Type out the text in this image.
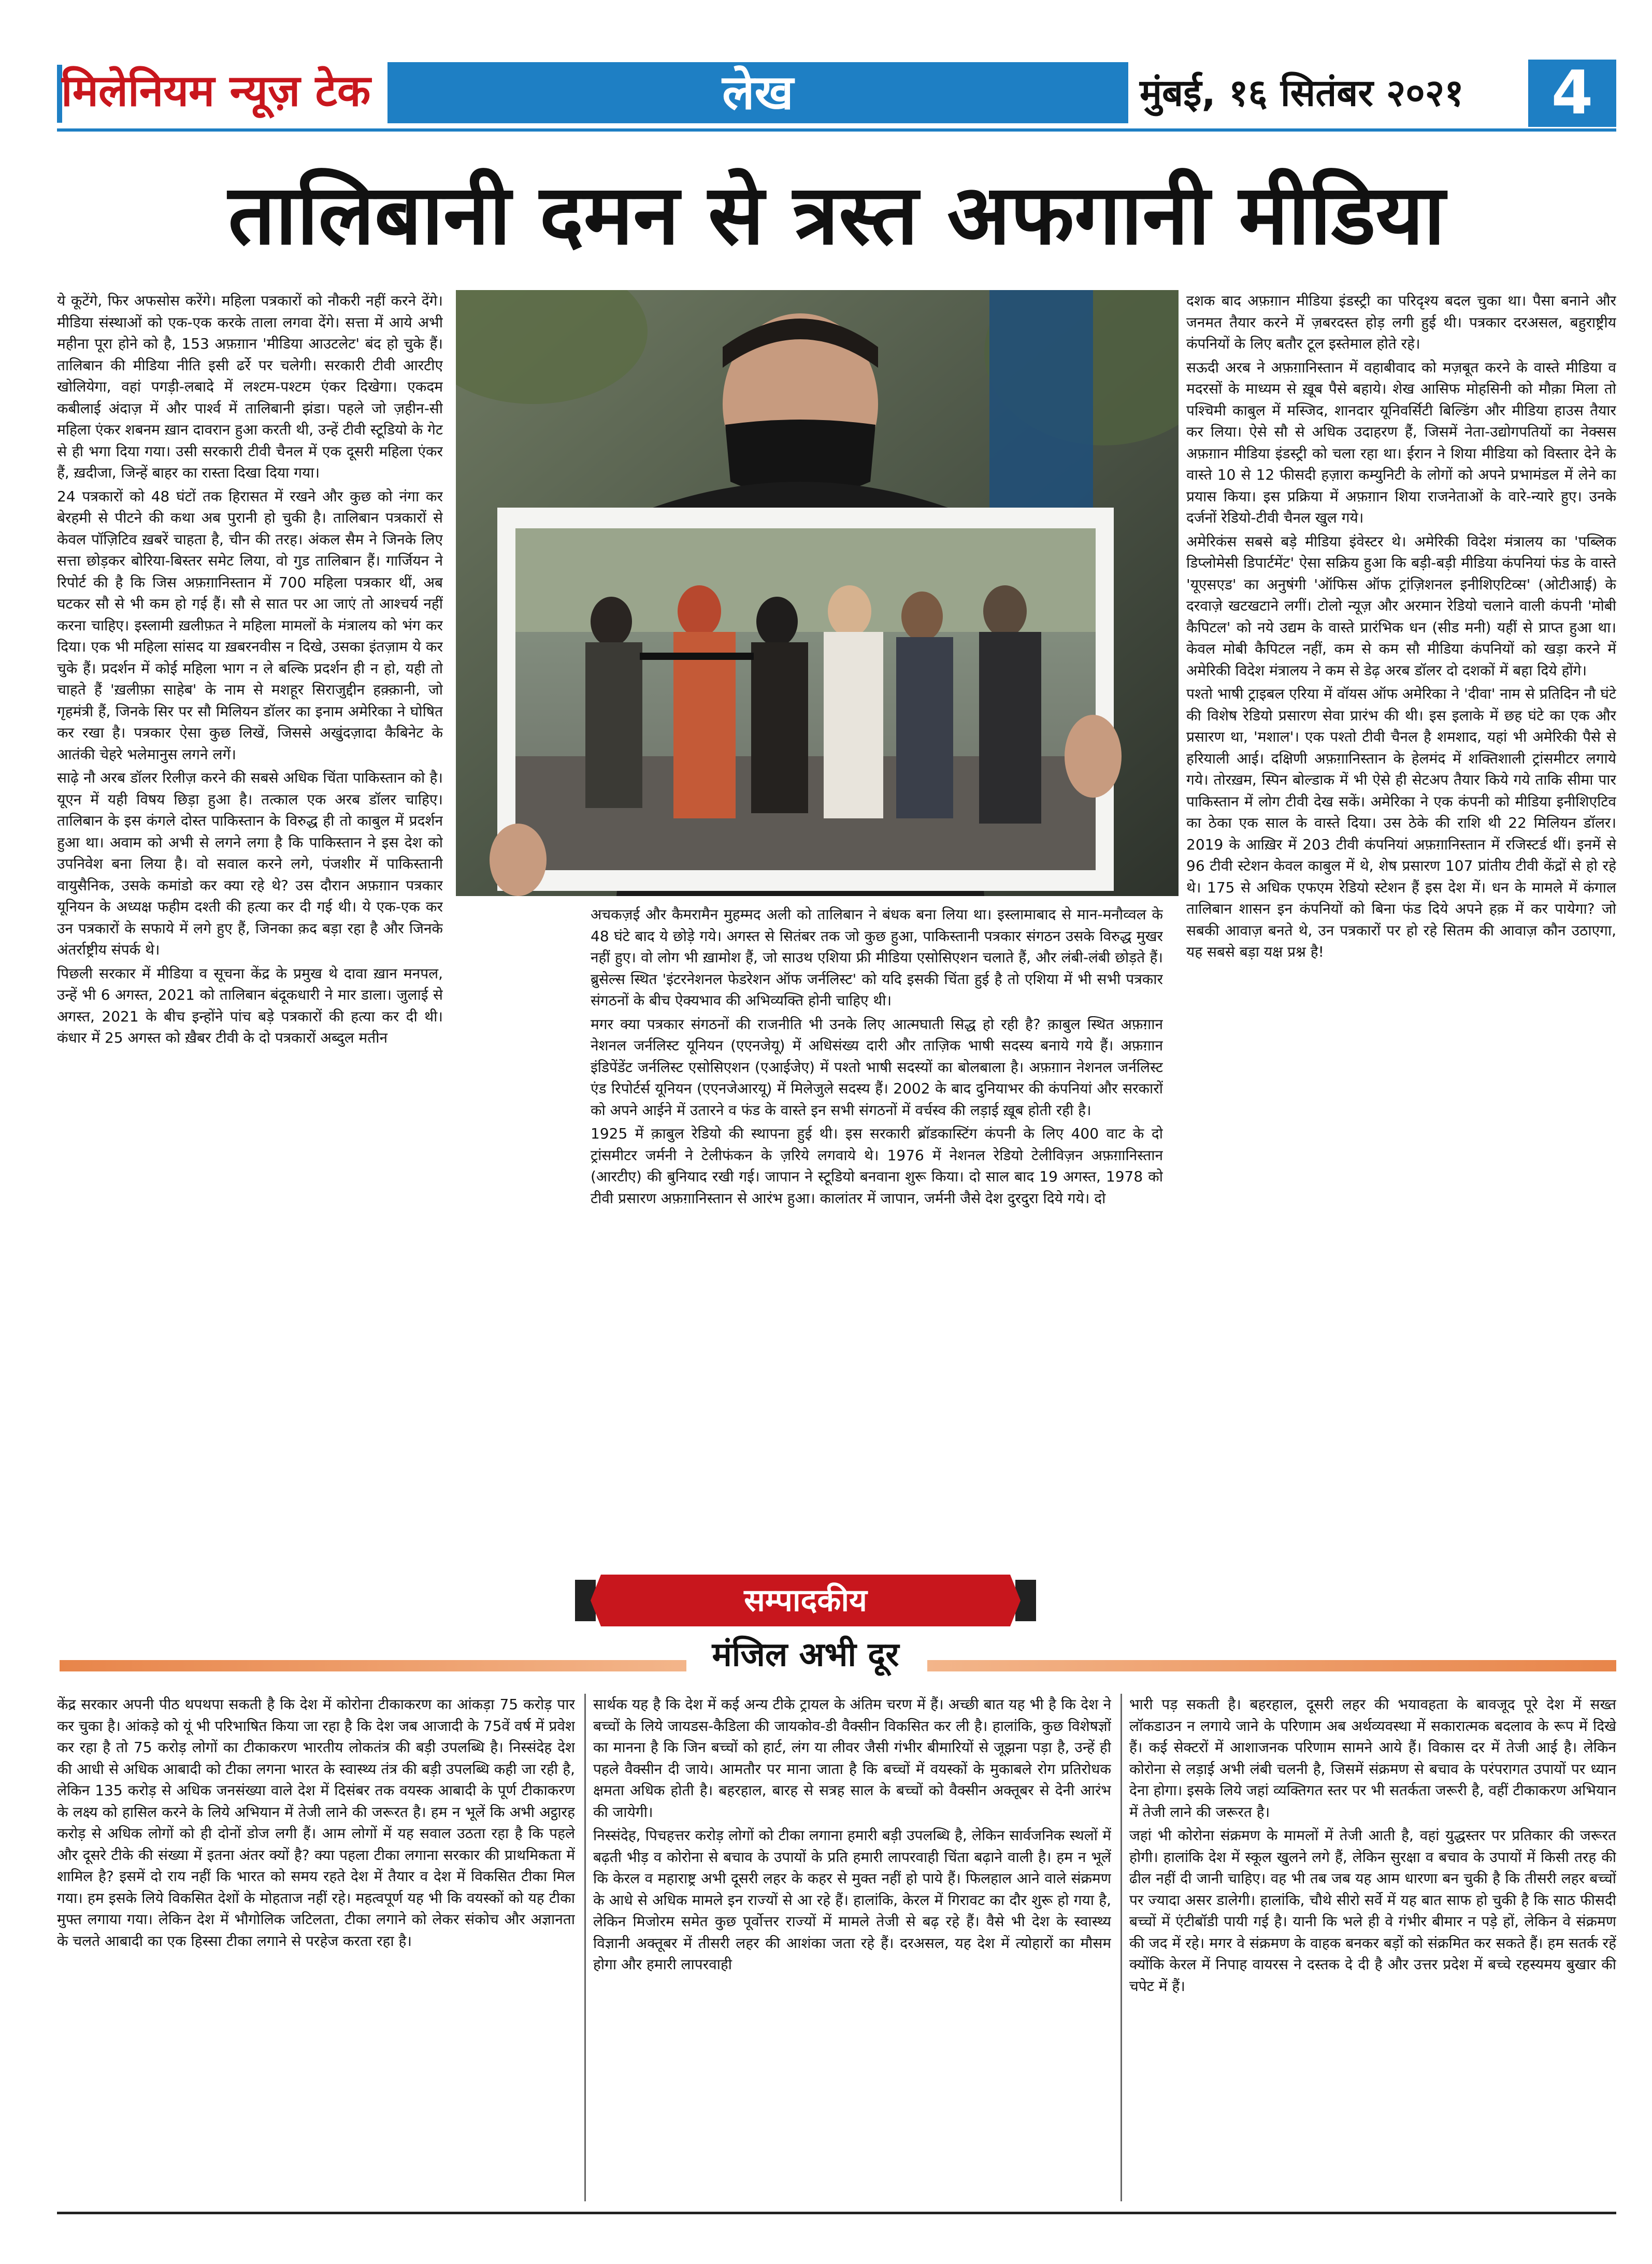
मिलेनियम न्यूज़ टेक	लेख	मुंबई, १६ सितंबर २०२१	4
तालिबानी दमन से त्रस्त अफगानी मीडिया

ये कूटेंगे, फिर अफसोस करेंगे। महिला पत्रकारों को नौकरी नहीं करने देंगे। मीडिया संस्थाओं को एक-एक करके ताला लगवा देंगे। सत्ता में आये अभी महीना पूरा होने को है, 153 अफ़ग़ान 'मीडिया आउटलेट' बंद हो चुके हैं। तालिबान की मीडिया नीति इसी ढर्रे पर चलेगी। सरकारी टीवी आरटीए खोलियेगा, वहां पगड़ी-लबादे में लश्टम-पश्टम एंकर दिखेगा। एकदम कबीलाई अंदाज़ में और पार्श्व में तालिबानी झंडा। पहले जो ज़हीन-सी महिला एंकर शबनम ख़ान दावरान हुआ करती थी, उन्हें टीवी स्टूडियो के गेट से ही भगा दिया गया। उसी सरकारी टीवी चैनल में एक दूसरी महिला एंकर हैं, ख़दीजा, जिन्हें बाहर का रास्ता दिखा दिया गया।

24 पत्रकारों को 48 घंटों तक हिरासत में रखने और कुछ को नंगा कर बेरहमी से पीटने की कथा अब पुरानी हो चुकी है। तालिबान पत्रकारों से केवल पॉज़िटिव ख़बरें चाहता है, चीन की तरह। अंकल सैम ने जिनके लिए सत्ता छोड़कर बोरिया-बिस्तर समेट लिया, वो गुड तालिबान हैं। गार्जियन ने रिपोर्ट की है कि जिस अफ़ग़ानिस्तान में 700 महिला पत्रकार थीं, अब घटकर सौ से भी कम हो गई हैं। सौ से सात पर आ जाएं तो आश्चर्य नहीं करना चाहिए। इस्लामी ख़लीफ़त ने महिला मामलों के मंत्रालय को भंग कर दिया। एक भी महिला सांसद या ख़बरनवीस न दिखे, उसका इंतज़ाम ये कर चुके हैं। प्रदर्शन में कोई महिला भाग न ले बल्कि प्रदर्शन ही न हो, यही तो चाहते हैं 'ख़लीफ़ा साहेब' के नाम से मशहूर सिराजुद्दीन हक़्क़ानी, जो गृहमंत्री हैं, जिनके सिर पर सौ मिलियन डॉलर का इनाम अमेरिका ने घोषित कर रखा है। पत्रकार ऐसा कुछ लिखें, जिससे अखुंदज़ादा कैबिनेट के आतंकी चेहरे भलेमानुस लगने लगें।

साढ़े नौ अरब डॉलर रिलीज़ करने की सबसे अधिक चिंता पाकिस्तान को है। यूएन में यही विषय छिड़ा हुआ है। तत्काल एक अरब डॉलर चाहिए। तालिबान के इस कंगले दोस्त पाकिस्तान के विरुद्ध ही तो काबुल में प्रदर्शन हुआ था। अवाम को अभी से लगने लगा है कि पाकिस्तान ने इस देश को उपनिवेश बना लिया है। वो सवाल करने लगे, पंजशीर में पाकिस्तानी वायुसैनिक, उसके कमांडो कर क्या रहे थे? उस दौरान अफ़ग़ान पत्रकार यूनियन के अध्यक्ष फहीम दश्ती की हत्या कर दी गई थी। ये एक-एक कर उन पत्रकारों के सफाये में लगे हुए हैं, जिनका क़द बड़ा रहा है और जिनके अंतर्राष्ट्रीय संपर्क थे।

पिछली सरकार में मीडिया व सूचना केंद्र के प्रमुख थे दावा ख़ान मनपल, उन्हें भी 6 अगस्त, 2021 को तालिबान बंदूकधारी ने मार डाला। जुलाई से अगस्त, 2021 के बीच इन्होंने पांच बड़े पत्रकारों की हत्या कर दी थी। कंधार में 25 अगस्त को ख़ैबर टीवी के दो पत्रकारों अब्दुल मतीन

अचकज़ई और कैमरामैन मुहम्मद अली को तालिबान ने बंधक बना लिया था। इस्लामाबाद से मान-मनौव्वल के 48 घंटे बाद ये छोड़े गये। अगस्त से सितंबर तक जो कुछ हुआ, पाकिस्तानी पत्रकार संगठन उसके विरुद्ध मुखर नहीं हुए। वो लोग भी ख़ामोश हैं, जो साउथ एशिया फ्री मीडिया एसोसिएशन चलाते हैं, और लंबी-लंबी छोड़ते हैं। ब्रुसेल्स स्थित 'इंटरनेशनल फेडरेशन ऑफ जर्नलिस्ट' को यदि इसकी चिंता हुई है तो एशिया में भी सभी पत्रकार संगठनों के बीच ऐक्यभाव की अभिव्यक्ति होनी चाहिए थी।

मगर क्या पत्रकार संगठनों की राजनीति भी उनके लिए आत्मघाती सिद्ध हो रही है? क़ाबुल स्थित अफ़ग़ान नेशनल जर्नलिस्ट यूनियन (एएनजेयू) में अधिसंख्य दारी और ताज़िक भाषी सदस्य बनाये गये हैं। अफ़ग़ान इंडिपेंडेंट जर्नलिस्ट एसोसिएशन (एआईजेए) में पश्तो भाषी सदस्यों का बोलबाला है। अफ़ग़ान नेशनल जर्नलिस्ट एंड रिपोर्टर्स यूनियन (एएनजेआरयू) में मिलेजुले सदस्य हैं। 2002 के बाद दुनियाभर की कंपनियां और सरकारों को अपने आईने में उतारने व फंड के वास्ते इन सभी संगठनों में वर्चस्व की लड़ाई ख़ूब होती रही है।

1925 में क़ाबुल रेडियो की स्थापना हुई थी। इस सरकारी ब्रॉडकास्टिंग कंपनी के लिए 400 वाट के दो ट्रांसमीटर जर्मनी ने टेलीफंकन के ज़रिये लगवाये थे। 1976 में नेशनल रेडियो टेलीविज़न अफ़ग़ानिस्तान (आरटीए) की बुनियाद रखी गई। जापान ने स्टूडियो बनवाना शुरू किया। दो साल बाद 19 अगस्त, 1978 को टीवी प्रसारण अफ़ग़ानिस्तान से आरंभ हुआ। कालांतर में जापान, जर्मनी जैसे देश दुरदुरा दिये गये। दो

दशक बाद अफ़ग़ान मीडिया इंडस्ट्री का परिदृश्य बदल चुका था। पैसा बनाने और जनमत तैयार करने में ज़बरदस्त होड़ लगी हुई थी। पत्रकार दरअसल, बहुराष्ट्रीय कंपनियों के लिए बतौर टूल इस्तेमाल होते रहे।

सऊदी अरब ने अफ़ग़ानिस्तान में वहाबीवाद को मज़बूत करने के वास्ते मीडिया व मदरसों के माध्यम से ख़ूब पैसे बहाये। शेख आसिफ मोहसिनी को मौक़ा मिला तो पश्चिमी काबुल में मस्जिद, शानदार यूनिवर्सिटी बिल्डिंग और मीडिया हाउस तैयार कर लिया। ऐसे सौ से अधिक उदाहरण हैं, जिसमें नेता-उद्योगपतियों का नेक्सस अफ़ग़ान मीडिया इंडस्ट्री को चला रहा था। ईरान ने शिया मीडिया को विस्तार देने के वास्ते 10 से 12 फीसदी हज़ारा कम्युनिटी के लोगों को अपने प्रभामंडल में लेने का प्रयास किया। इस प्रक्रिया में अफ़ग़ान शिया राजनेताओं के वारे-न्यारे हुए। उनके दर्जनों रेडियो-टीवी चैनल खुल गये।

अमेरिकंस सबसे बड़े मीडिया इंवेस्टर थे। अमेरिकी विदेश मंत्रालय का 'पब्लिक डिप्लोमेसी डिपार्टमेंट' ऐसा सक्रिय हुआ कि बड़ी-बड़ी मीडिया कंपनियां फंड के वास्ते 'यूएसएड' का अनुषंगी 'ऑफिस ऑफ ट्रांज़िशनल इनीशिएटिव्स' (ओटीआई) के दरवाज़े खटखटाने लगीं। टोलो न्यूज़ और अरमान रेडियो चलाने वाली कंपनी 'मोबी कैपिटल' को नये उद्यम के वास्ते प्रारंभिक धन (सीड मनी) यहीं से प्राप्त हुआ था। केवल मोबी कैपिटल नहीं, कम से कम सौ मीडिया कंपनियों को खड़ा करने में अमेरिकी विदेश मंत्रालय ने कम से डेढ़ अरब डॉलर दो दशकों में बहा दिये होंगे।

पश्तो भाषी ट्राइबल एरिया में वॉयस ऑफ अमेरिका ने 'दीवा' नाम से प्रतिदिन नौ घंटे की विशेष रेडियो प्रसारण सेवा प्रारंभ की थी। इस इलाके में छह घंटे का एक और प्रसारण था, 'मशाल'। एक पश्तो टीवी चैनल है शमशाद, यहां भी अमेरिकी पैसे से हरियाली आई। दक्षिणी अफ़ग़ानिस्तान के हेलमंद में शक्तिशाली ट्रांसमीटर लगाये गये। तोरख़म, स्पिन बोल्डाक में भी ऐसे ही सेटअप तैयार किये गये ताकि सीमा पार पाकिस्तान में लोग टीवी देख सकें। अमेरिका ने एक कंपनी को मीडिया इनीशिएटिव का ठेका एक साल के वास्ते दिया। उस ठेके की राशि थी 22 मिलियन डॉलर। 2019 के आख़िर में 203 टीवी कंपनियां अफ़ग़ानिस्तान में रजिस्टर्ड थीं। इनमें से 96 टीवी स्टेशन केवल काबुल में थे, शेष प्रसारण 107 प्रांतीय टीवी केंद्रों से हो रहे थे। 175 से अधिक एफएम रेडियो स्टेशन हैं इस देश में। धन के मामले में कंगाल तालिबान शासन इन कंपनियों को बिना फंड दिये अपने हक़ में कर पायेगा? जो सबकी आवाज़ बनते थे, उन पत्रकारों पर हो रहे सितम की आवाज़ कौन उठाएगा, यह सबसे बड़ा यक्ष प्रश्न है!

सम्पादकीय
मंजिल अभी दूर

केंद्र सरकार अपनी पीठ थपथपा सकती है कि देश में कोरोना टीकाकरण का आंकड़ा 75 करोड़ पार कर चुका है। आंकड़े को यूं भी परिभाषित किया जा रहा है कि देश जब आजादी के 75वें वर्ष में प्रवेश कर रहा है तो 75 करोड़ लोगों का टीकाकरण भारतीय लोकतंत्र की बड़ी उपलब्धि है। निस्संदेह देश की आधी से अधिक आबादी को टीका लगना भारत के स्वास्थ्य तंत्र की बड़ी उपलब्धि कही जा रही है, लेकिन 135 करोड़ से अधिक जनसंख्या वाले देश में दिसंबर तक वयस्क आबादी के पूर्ण टीकाकरण के लक्ष्य को हासिल करने के लिये अभियान में तेजी लाने की जरूरत है। हम न भूलें कि अभी अट्ठारह करोड़ से अधिक लोगों को ही दोनों डोज लगी हैं। आम लोगों में यह सवाल उठता रहा है कि पहले और दूसरे टीके की संख्या में इतना अंतर क्यों है? क्या पहला टीका लगाना सरकार की प्राथमिकता में शामिल है? इसमें दो राय नहीं कि भारत को समय रहते देश में तैयार व देश में विकसित टीका मिल गया। हम इसके लिये विकसित देशों के मोहताज नहीं रहे। महत्वपूर्ण यह भी कि वयस्कों को यह टीका मुफ्त लगाया गया। लेकिन देश में भौगोलिक जटिलता, टीका लगाने को लेकर संकोच और अज्ञानता के चलते आबादी का एक हिस्सा टीका लगाने से परहेज करता रहा है।

सार्थक यह है कि देश में कई अन्य टीके ट्रायल के अंतिम चरण में हैं। अच्छी बात यह भी है कि देश ने बच्चों के लिये जायडस-कैडिला की जायकोव-डी वैक्सीन विकसित कर ली है। हालांकि, कुछ विशेषज्ञों का मानना है कि जिन बच्चों को हार्ट, लंग या लीवर जैसी गंभीर बीमारियों से जूझना पड़ा है, उन्हें ही पहले वैक्सीन दी जाये। आमतौर पर माना जाता है कि बच्चों में वयस्कों के मुकाबले रोग प्रतिरोधक क्षमता अधिक होती है। बहरहाल, बारह से सत्रह साल के बच्चों को वैक्सीन अक्तूबर से देनी आरंभ की जायेगी।

निस्संदेह, पिचहत्तर करोड़ लोगों को टीका लगाना हमारी बड़ी उपलब्धि है, लेकिन सार्वजनिक स्थलों में बढ़ती भीड़ व कोरोना से बचाव के उपायों के प्रति हमारी लापरवाही चिंता बढ़ाने वाली है। हम न भूलें कि केरल व महाराष्ट्र अभी दूसरी लहर के कहर से मुक्त नहीं हो पाये हैं। फिलहाल आने वाले संक्रमण के आधे से अधिक मामले इन राज्यों से आ रहे हैं। हालांकि, केरल में गिरावट का दौर शुरू हो गया है, लेकिन मिजोरम समेत कुछ पूर्वोत्तर राज्यों में मामले तेजी से बढ़ रहे हैं। वैसे भी देश के स्वास्थ्य विज्ञानी अक्तूबर में तीसरी लहर की आशंका जता रहे हैं। दरअसल, यह देश में त्योहारों का मौसम होगा और हमारी लापरवाही

भारी पड़ सकती है। बहरहाल, दूसरी लहर की भयावहता के बावजूद पूरे देश में सख्त लॉकडाउन न लगाये जाने के परिणाम अब अर्थव्यवस्था में सकारात्मक बदलाव के रूप में दिखे हैं। कई सेक्टरों में आशाजनक परिणाम सामने आये हैं। विकास दर में तेजी आई है। लेकिन कोरोना से लड़ाई अभी लंबी चलनी है, जिसमें संक्रमण से बचाव के परंपरागत उपायों पर ध्यान देना होगा। इसके लिये जहां व्यक्तिगत स्तर पर भी सतर्कता जरूरी है, वहीं टीकाकरण अभियान में तेजी लाने की जरूरत है।

जहां भी कोरोना संक्रमण के मामलों में तेजी आती है, वहां युद्धस्तर पर प्रतिकार की जरूरत होगी। हालांकि देश में स्कूल खुलने लगे हैं, लेकिन सुरक्षा व बचाव के उपायों में किसी तरह की ढील नहीं दी जानी चाहिए। वह भी तब जब यह आम धारणा बन चुकी है कि तीसरी लहर बच्चों पर ज्यादा असर डालेगी। हालांकि, चौथे सीरो सर्वे में यह बात साफ हो चुकी है कि साठ फीसदी बच्चों में एंटीबॉडी पायी गई है। यानी कि भले ही वे गंभीर बीमार न पड़े हों, लेकिन वे संक्रमण की जद में रहे। मगर वे संक्रमण के वाहक बनकर बड़ों को संक्रमित कर सकते हैं। हम सतर्क रहें क्योंकि केरल में निपाह वायरस ने दस्तक दे दी है और उत्तर प्रदेश में बच्चे रहस्यमय बुखार की चपेट में हैं।
